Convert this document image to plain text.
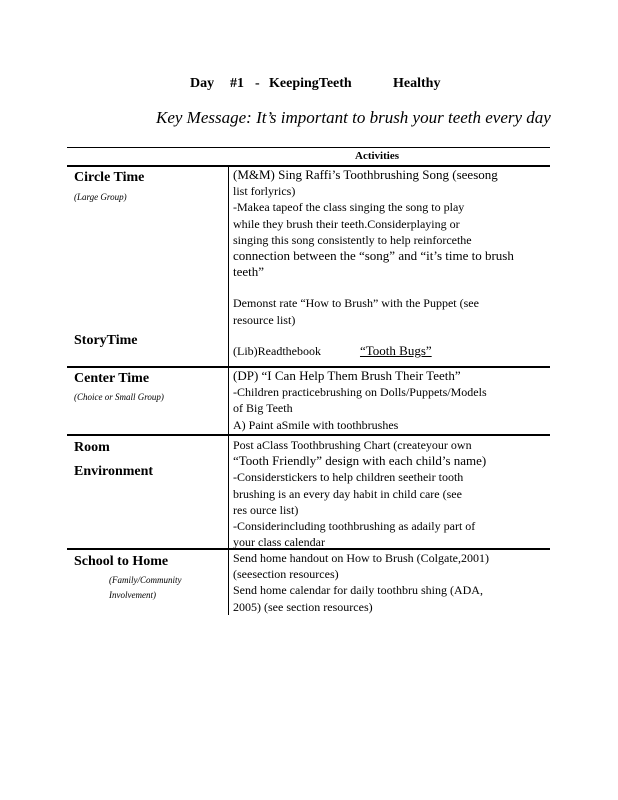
Day #1 - KeepingTeeth	Healthy
Key Message: It’s important to brush your teeth every day
Activities
Circle Time
(Large Group)
StoryTime

(M&M) Sing Raffi’s Toothbrushing Song (seesong

list forlyrics)

-Makea tapeof the class singing the song to play

while they brush their teeth.Considerplaying or

singing this song consistently to help reinforcethe

connection between the “song” and “it’s time to brush

teeth”

Demonst rate “How to Brush” with the Puppet (see

resource list)

(Lib)Readthebook	“Tooth Bugs”

Center Time
(Choice or Small Group)

(DP) “I Can Help Them Brush Their Teeth”

-Children practicebrushing on Dolls/Puppets/Models

of Big Teeth

A) Paint aSmile with toothbrushes

Room
Environment

Post aClass Toothbrushing Chart (createyour own

“Tooth Friendly” design with each child’s name)

-Considerstickers to help children seetheir tooth

brushing is an every day habit in child care (see

res ource list)

-Considerincluding toothbrushing as adaily part of

your class calendar

School to Home
(Family/Community
Involvement)

Send home handout on How to Brush (Colgate,2001)

(seesection resources)

Send home calendar for daily toothbru shing (ADA,

2005) (see section resources)
